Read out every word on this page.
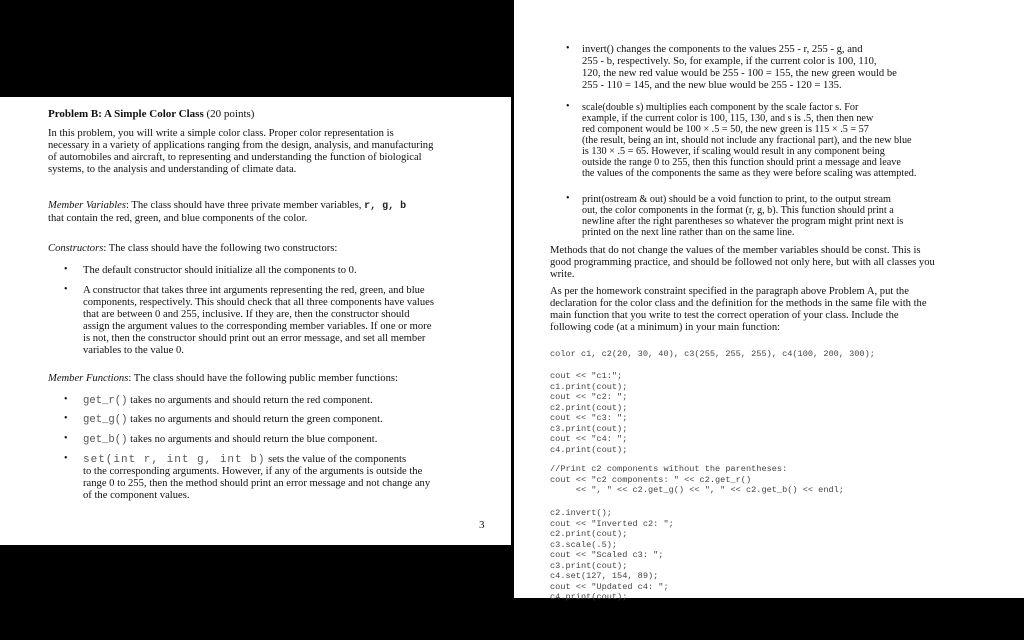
Problem B: A Simple Color Class (20 points)
In this problem, you will write a simple color class. Proper color representation is
necessary in a variety of applications ranging from the design, analysis, and manufacturing
of automobiles and aircraft, to representing and understanding the function of biological
systems, to the analysis and understanding of climate data.
Member Variables: The class should have three private member variables, r, g, b
that contain the red, green, and blue components of the color.
Constructors: The class should have the following two constructors:
• The default constructor should initialize all the components to 0.
• A constructor that takes three int arguments representing the red, green, and blue
components, respectively. This should check that all three components have values
that are between 0 and 255, inclusive. If they are, then the constructor should
assign the argument values to the corresponding member variables. If one or more
is not, then the constructor should print out an error message, and set all member
variables to the value 0.
Member Functions: The class should have the following public member functions:
• get_r() takes no arguments and should return the red component.
• get_g() takes no arguments and should return the green component.
• get_b() takes no arguments and should return the blue component.
• set(int r, int g, int b) sets the value of the components
to the corresponding arguments. However, if any of the arguments is outside the
range 0 to 255, then the method should print an error message and not change any
of the component values.
3
• invert() changes the components to the values 255 - r, 255 - g, and
255 - b, respectively. So, for example, if the current color is 100, 110,
120, the new red value would be 255 - 100 = 155, the new green would be
255 - 110 = 145, and the new blue would be 255 - 120 = 135.
• scale(double s) multiplies each component by the scale factor s. For
example, if the current color is 100, 115, 130, and s is .5, then then new
red component would be 100 × .5 = 50, the new green is 115 × .5 = 57
(the result, being an int, should not include any fractional part), and the new blue
is 130 × .5 = 65. However, if scaling would result in any component being
outside the range 0 to 255, then this function should print a message and leave
the values of the components the same as they were before scaling was attempted.
• print(ostream & out) should be a void function to print, to the output stream
out, the color components in the format (r, g, b). This function should print a
newline after the right parentheses so whatever the program might print next is
printed on the next line rather than on the same line.
Methods that do not change the values of the member variables should be const. This is
good programming practice, and should be followed not only here, but with all classes you
write.
As per the homework constraint specified in the paragraph above Problem A, put the
declaration for the color class and the definition for the methods in the same file with the
main function that you write to test the correct operation of your class. Include the
following code (at a minimum) in your main function:
color c1, c2(20, 30, 40), c3(255, 255, 255), c4(100, 200, 300);
cout << "c1:";
c1.print(cout);
cout << "c2: ";
c2.print(cout);
cout << "c3: ";
c3.print(cout);
cout << "c4: ";
c4.print(cout);
//Print c2 components without the parentheses:
cout << "c2 components: " << c2.get_r()
<< ", " << c2.get_g() << ", " << c2.get_b() << endl;
c2.invert();
cout << "Inverted c2: ";
c2.print(cout);
c3.scale(.5);
cout << "Scaled c3: ";
c3.print(cout);
c4.set(127, 154, 89);
cout << "Updated c4: ";
c4.print(cout);
